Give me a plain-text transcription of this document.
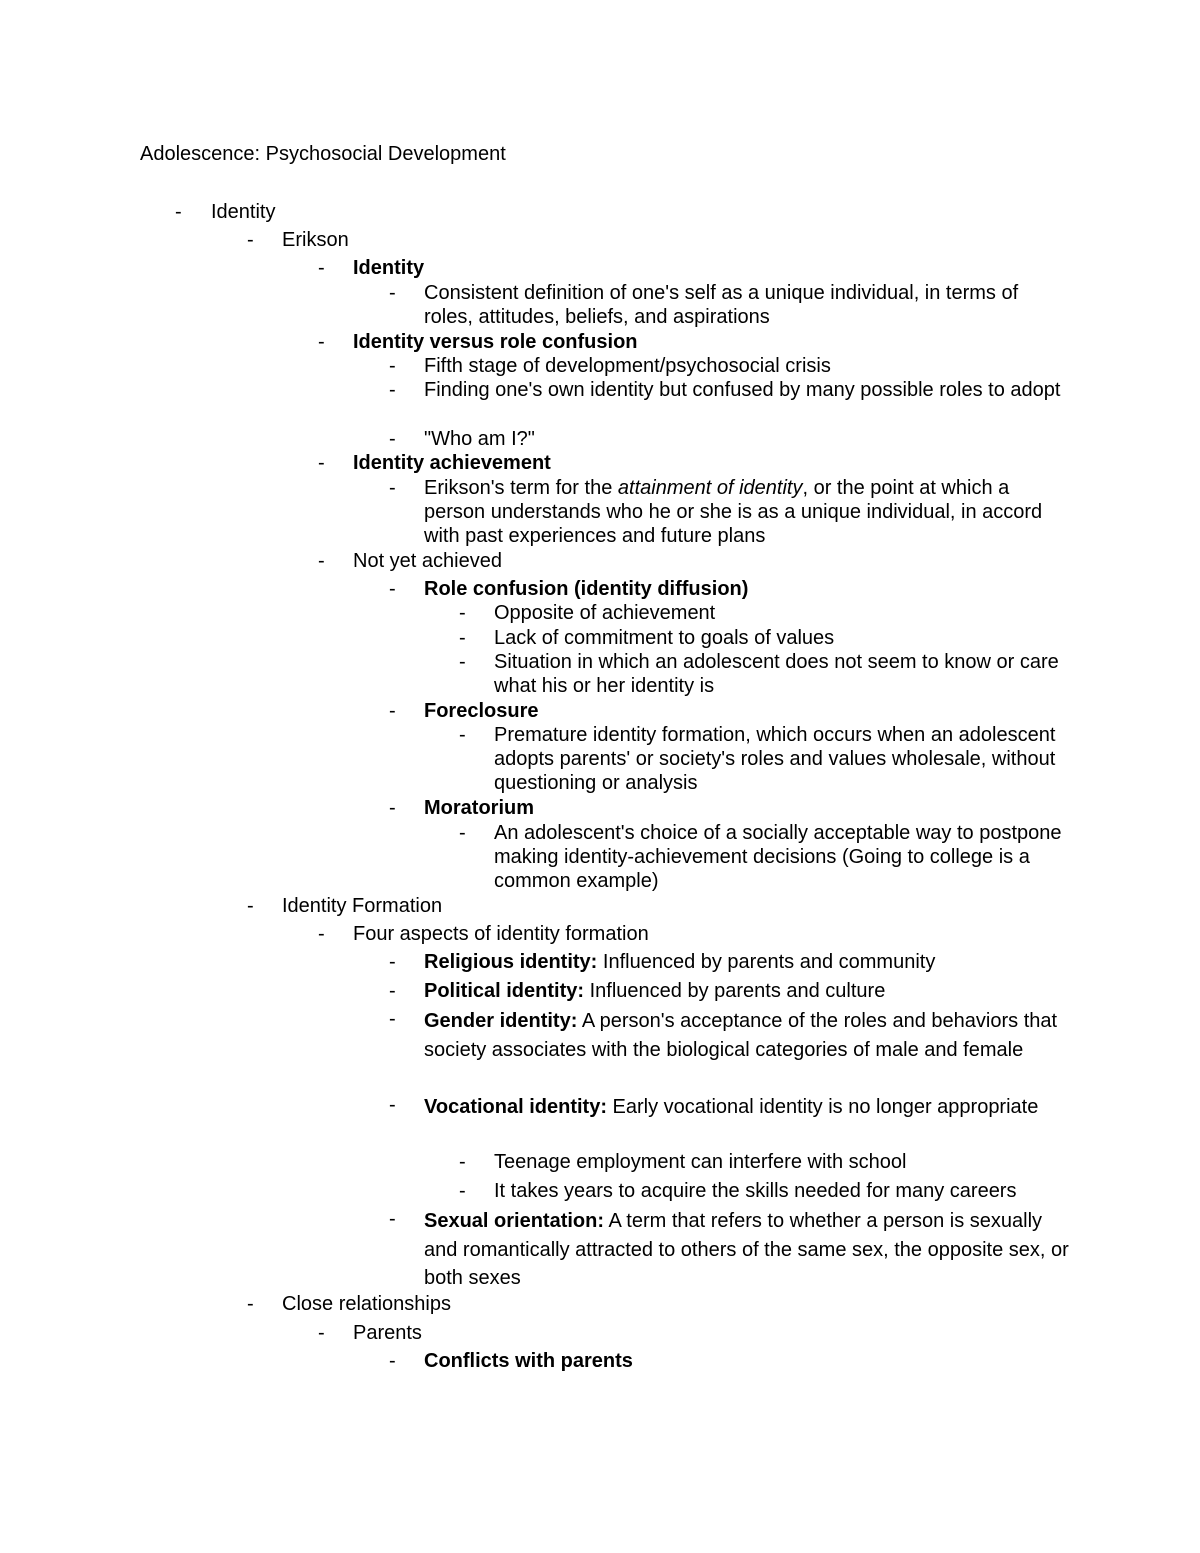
Adolescence: Psychosocial Development
- Identity
- Erikson
- Identity
- Consistent definition of one's self as a unique individual, in terms of roles, attitudes, beliefs, and aspirations
- Identity versus role confusion
- Fifth stage of development/psychosocial crisis
- Finding one's own identity but confused by many possible roles to adopt
- "Who am I?"
- Identity achievement
- Erikson's term for the attainment of identity, or the point at which a person understands who he or she is as a unique individual, in accord with past experiences and future plans
- Not yet achieved
- Role confusion (identity diffusion)
- Opposite of achievement
- Lack of commitment to goals of values
- Situation in which an adolescent does not seem to know or care what his or her identity is
- Foreclosure
- Premature identity formation, which occurs when an adolescent adopts parents' or society's roles and values wholesale, without questioning or analysis
- Moratorium
- An adolescent's choice of a socially acceptable way to postpone making identity-achievement decisions (Going to college is a common example)
- Identity Formation
- Four aspects of identity formation
- Religious identity: Influenced by parents and community
- Political identity: Influenced by parents and culture
- Gender identity: A person's acceptance of the roles and behaviors that society associates with the biological categories of male and female
- Vocational identity: Early vocational identity is no longer appropriate
- Teenage employment can interfere with school
- It takes years to acquire the skills needed for many careers
- Sexual orientation: A term that refers to whether a person is sexually and romantically attracted to others of the same sex, the opposite sex, or both sexes
- Close relationships
- Parents
- Conflicts with parents
